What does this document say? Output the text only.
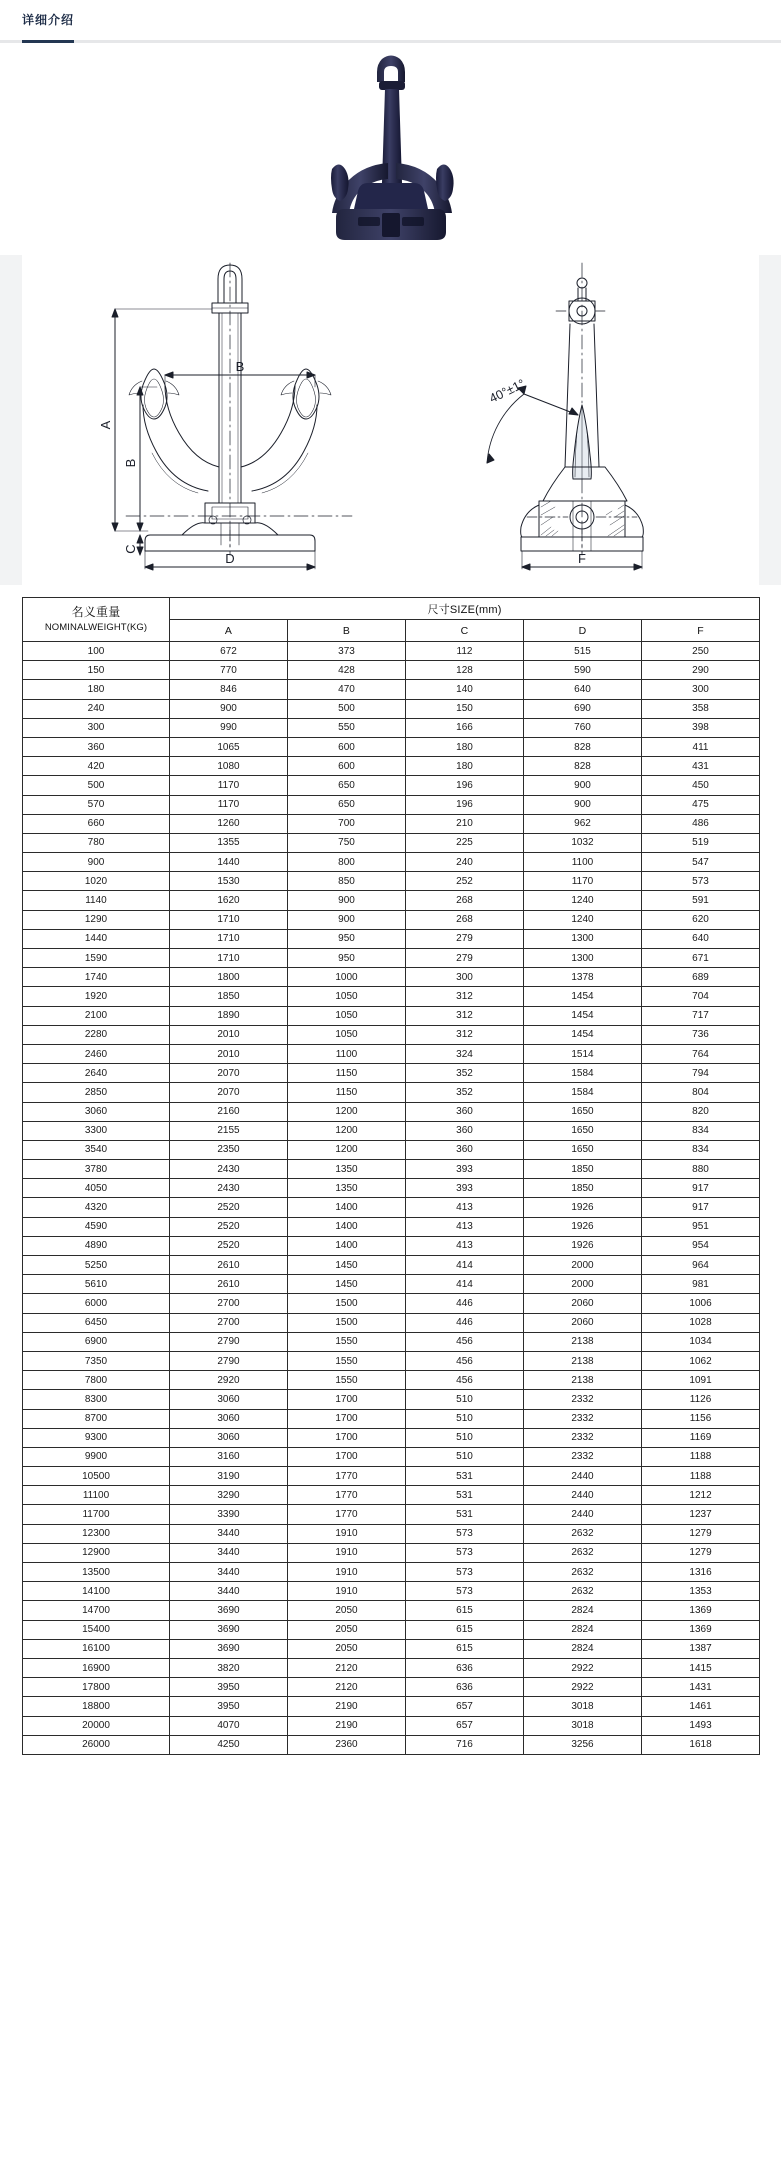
详细介绍
A
B
C
B
D	F
40°±1°
名义重量
NOMINALWEIGHT(KG)	尺寸SIZE(mm)				
	A	B	C	D	F
100	672	373	112	515	250
150	770	428	128	590	290
180	846	470	140	640	300
240	900	500	150	690	358
300	990	550	166	760	398
360	1065	600	180	828	411
420	1080	600	180	828	431
500	1170	650	196	900	450
570	1170	650	196	900	475
660	1260	700	210	962	486
780	1355	750	225	1032	519
900	1440	800	240	1100	547
1020	1530	850	252	1170	573
1140	1620	900	268	1240	591
1290	1710	900	268	1240	620
1440	1710	950	279	1300	640
1590	1710	950	279	1300	671
1740	1800	1000	300	1378	689
1920	1850	1050	312	1454	704
2100	1890	1050	312	1454	717
2280	2010	1050	312	1454	736
2460	2010	1100	324	1514	764
2640	2070	1150	352	1584	794
2850	2070	1150	352	1584	804
3060	2160	1200	360	1650	820
3300	2155	1200	360	1650	834
3540	2350	1200	360	1650	834
3780	2430	1350	393	1850	880
4050	2430	1350	393	1850	917
4320	2520	1400	413	1926	917
4590	2520	1400	413	1926	951
4890	2520	1400	413	1926	954
5250	2610	1450	414	2000	964
5610	2610	1450	414	2000	981
6000	2700	1500	446	2060	1006
6450	2700	1500	446	2060	1028
6900	2790	1550	456	2138	1034
7350	2790	1550	456	2138	1062
7800	2920	1550	456	2138	1091
8300	3060	1700	510	2332	1126
8700	3060	1700	510	2332	1156
9300	3060	1700	510	2332	1169
9900	3160	1700	510	2332	1188
10500	3190	1770	531	2440	1188
11100	3290	1770	531	2440	1212
11700	3390	1770	531	2440	1237
12300	3440	1910	573	2632	1279
12900	3440	1910	573	2632	1279
13500	3440	1910	573	2632	1316
14100	3440	1910	573	2632	1353
14700	3690	2050	615	2824	1369
15400	3690	2050	615	2824	1369
16100	3690	2050	615	2824	1387
16900	3820	2120	636	2922	1415
17800	3950	2120	636	2922	1431
18800	3950	2190	657	3018	1461
20000	4070	2190	657	3018	1493
26000	4250	2360	716	3256	1618
